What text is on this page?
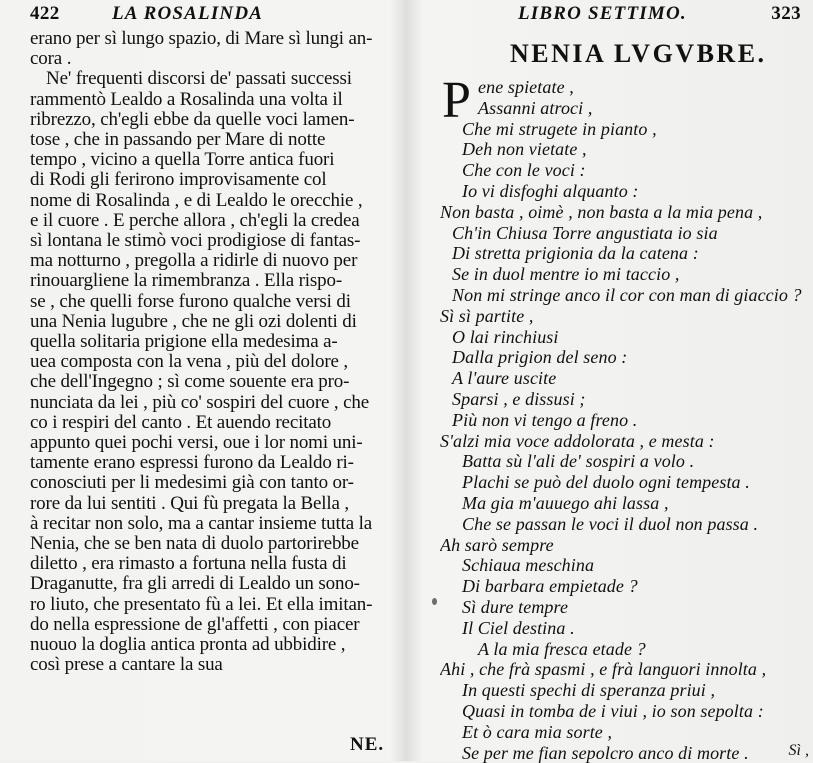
422	LA ROSALINDA
erano per sì lungo spazio, di Mare sì lungi an-
cora .
Ne' frequenti discorsi de' passati successi
rammentò Lealdo a Rosalinda una volta il
ribrezzo, ch'egli ebbe da quelle voci lamen-
tose , che in passando per Mare di notte
tempo , vicino a quella Torre antica fuori
di Rodi gli ferirono improvisamente col
nome di Rosalinda , e di Lealdo le orecchie ,
e il cuore . E perche allora , ch'egli la credea
sì lontana le stimò voci prodigiose di fantas-
ma notturno , pregolla a ridirle di nuovo per
rinouargliene la rimembranza . Ella rispo-
se , che quelli forse furono qualche versi di
una Nenia lugubre , che ne gli ozi dolenti di
quella solitaria prigione ella medesima a-
uea composta con la vena , più del dolore ,
che dell'Ingegno ; sì come souente era pro-
nunciata da lei , più co' sospiri del cuore , che
co i respiri del canto . Et auendo recitato
appunto quei pochi versi, oue i lor nomi uni-
tamente erano espressi furono da Lealdo ri-
conosciuti per li medesimi già con tanto or-
rore da lui sentiti . Qui fù pregata la Bella ,
à recitar non solo, ma a cantar insieme tutta la
Nenia, che se ben nata di duolo partorirebbe
diletto , era rimasto a fortuna nella fusta di
Draganutte, fra gli arredi di Lealdo un sono-
ro liuto, che presentato fù a lei. Et ella imitan-
do nella espressione de gl'affetti , con piacer
nuouo la doglia antica pronta ad ubbidire ,
così prese a cantare la sua
NE.
LIBRO SETTIMO.	323
NENIA LVGVBRE.
P ene spietate ,
Assanni atroci ,
Che mi strugete in pianto ,
Deh non vietate ,
Che con le voci :
Io vi disfoghi alquanto :
Non basta , oimè , non basta a la mia pena ,
Ch'in Chiusa Torre angustiata io sia
Di stretta prigionia da la catena :
Se in duol mentre io mi taccio ,
Non mi stringe anco il cor con man di giaccio ?
Sì sì partite ,
O lai rinchiusi
Dalla prigion del seno :
A l'aure uscite
Sparsi , e dissusi ;
Più non vi tengo a freno .
S'alzi mia voce addolorata , e mesta :
Batta sù l'ali de' sospiri a volo .
Plachi se può del duolo ogni tempesta .
Ma gia m'auuego ahi lassa ,
Che se passan le voci il duol non passa .
Ah sarò sempre
Schiaua meschina
Di barbara empietade ?
Sì dure tempre
Il Ciel destina .
A la mia fresca etade ?
Ahi , che frà spasmi , e frà languori innolta ,
In questi spechi di speranza priui ,
Quasi in tomba de i viui , io son sepolta :
Et ò cara mia sorte ,
Se per me fian sepolcro anco di morte .	Sì ,
